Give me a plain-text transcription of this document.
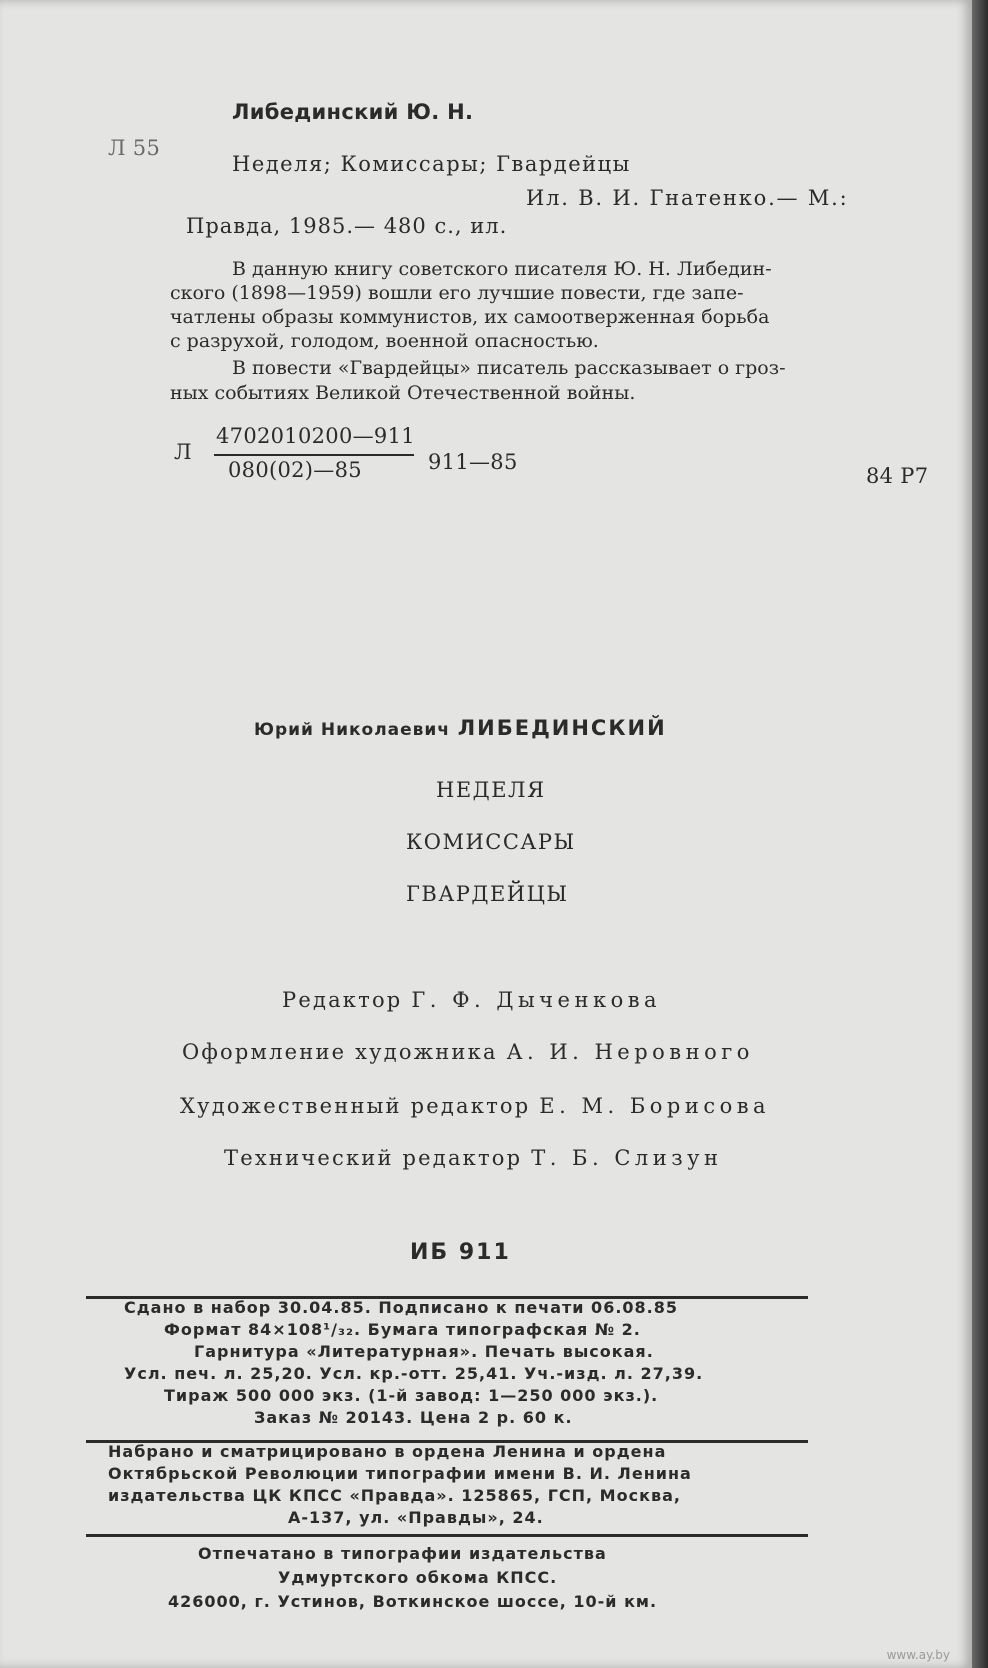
Либединский Ю. Н.
Л 55
Неделя; Комиссары; Гвардейцы
Ил. В. И. Гнатенко.— М.:
Правда, 1985.— 480 с., ил.
В данную книгу советского писателя Ю. Н. Либедин-
ского (1898—1959) вошли его лучшие повести, где запе-
чатлены образы коммунистов, их самоотверженная борьба
с разрухой, голодом, военной опасностью.
В повести «Гвардейцы» писатель рассказывает о гроз-
ных событиях Великой Отечественной войны.
Л
4702010200—911
080(02)—85	911—85
84 Р7
Юрий Николаевич ЛИБЕДИНСКИЙ
НЕДЕЛЯ
КОМИССАРЫ
ГВАРДЕЙЦЫ
Редактор Г. Ф. Дыченкова
Оформление художника А. И. Неровного
Художественный редактор Е. М. Борисова
Технический редактор Т. Б. Слизун
ИБ 911
Сдано в набор 30.04.85. Подписано к печати 06.08.85
Формат 84×108¹/₃₂. Бумага типографская № 2.
Гарнитура «Литературная». Печать высокая.
Усл. печ. л. 25,20. Усл. кр.-отт. 25,41. Уч.-изд. л. 27,39.
Тираж 500 000 экз. (1-й завод: 1—250 000 экз.).
Заказ № 20143. Цена 2 р. 60 к.
Набрано и сматрицировано в ордена Ленина и ордена
Октябрьской Революции типографии имени В. И. Ленина
издательства ЦК КПСС «Правда». 125865, ГСП, Москва,
А-137, ул. «Правды», 24.
Отпечатано в типографии издательства
Удмуртского обкома КПСС.
426000, г. Устинов, Воткинское шоссе, 10-й км.
www.ay.by
